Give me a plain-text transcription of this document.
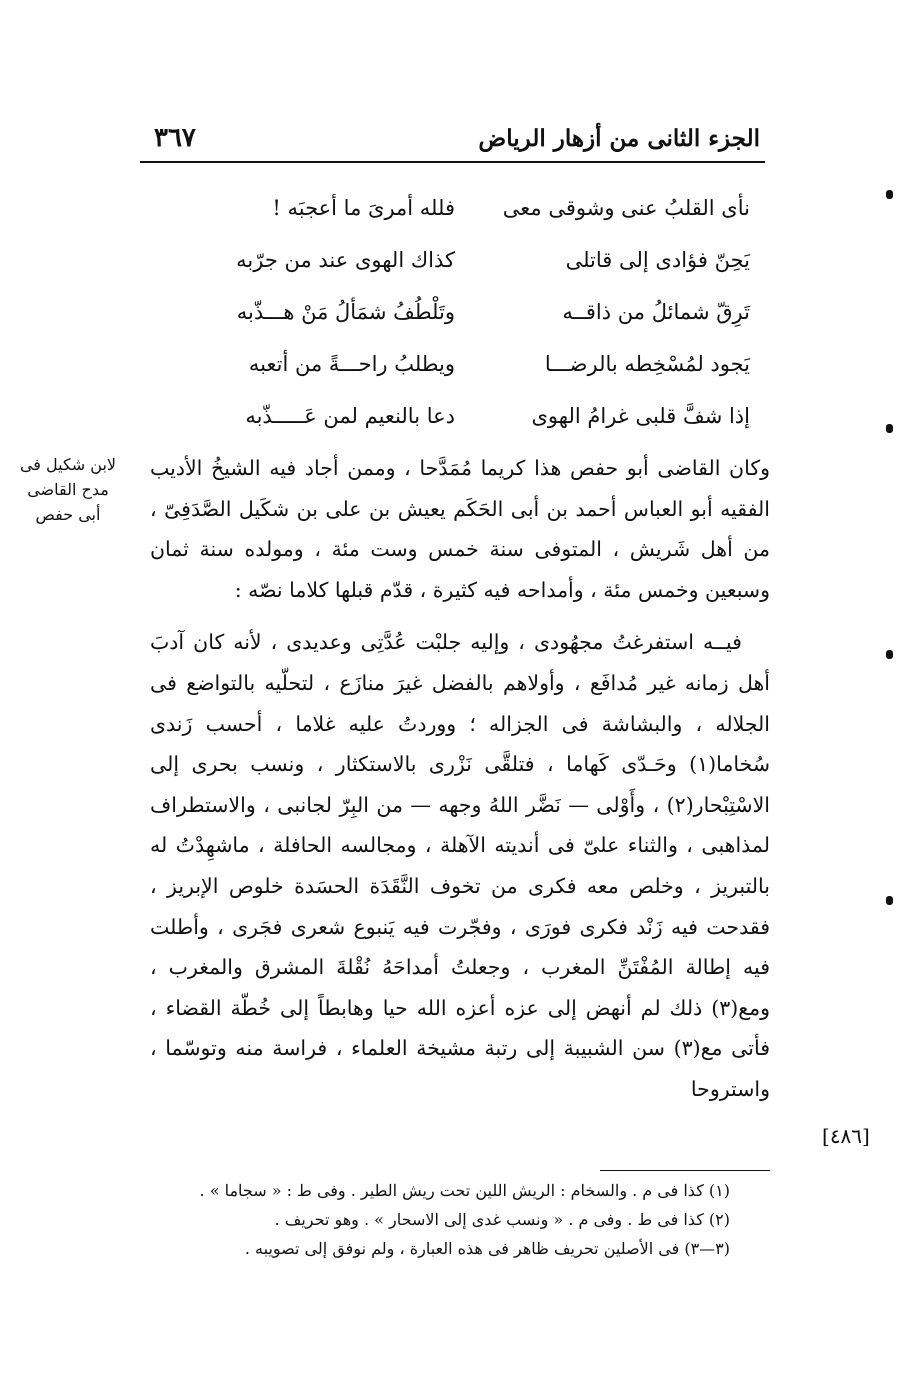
الجزء الثانى من أزهار الرياض
٣٦٧
نأى القلبُ عنى وشوقى معى
فلله أمرىَ ما أعجبَه !
يَحِنّ فؤادى إلى قاتلى
كذاك الهوى عند من جرّبه
تَرِقّ شمائلُ من ذاقــه
وتَلْطُفُ شمَألُ مَنْ هـــذّبه
يَجود لمُسْخِطه بالرضـــا
ويطلبُ راحـــةً من أتعبه
إذا شفَّ قلبى غرامُ الهوى
دعا بالنعيم لمن عَـــــذّبه
لابن شكيل فى
مدح القاضى
أبى حفص

وكان القاضى أبو حفص هذا كريما مُمَدَّحا ، وممن أجاد فيه الشيخُ الأديب الفقيه أبو العباس أحمد بن أبى الحَكَم يعيش بن على بن شكَيل الصَّدَفِىّ ، من أهل شَريش ، المتوفى سنة خمس وست مئة ، ومولده سنة ثمان وسبعين وخمس مئة ، وأمداحه فيه كثيرة ، قدّم قبلها كلاما نصّه :

فيــه استفرغتُ مجهُودى ، وإليه جلبْت عُدَّتِى وعديدى ، لأنه كان آدبَ أهل زمانه غير مُدافَع ، وأولاهم بالفضل غيرَ منازَع ، لتحلّيه بالتواضع فى الجلاله ، والبشاشة فى الجزاله ؛ ووردتُ عليه غلاما ، أحسب زَندى سُخاما(١) وحَـدّى كَهاما ، فتلقَّى نَزْرى بالاستكثار ، ونسب بحرى إلى الاسْتِبْحار(٢) ، وأَوْلى — نَضَّر اللهُ وجهه — من البِرّ لجانبى ، والاستطراف لمذاهبى ، والثناء علىّ فى أنديته الآهلة ، ومجالسه الحافلة ، ماشهِدْتُ له بالتبريز ، وخلص معه فكرى من تخوف النَّقَدَة الحسَدة خلوص الإبريز ، فقدحت فيه زَنْد فكرى فورَى ، وفجّرت فيه يَنبوع شعرى فجَرى ، وأطلت فيه إطالة المُفْتَنِّ المغرب ، وجعلتُ أمداحَهُ نُقْلةَ المشرق والمغرب ، ومع(٣) ذلك لم أنهض إلى عزه أعزه الله حيا وهابطاً إلى خُطّة القضاء ، فأتى مع(٣) سن الشبيبة إلى رتبة مشيخة العلماء ، فراسة منه وتوسّما ، واستروحا

[٤٨٦]
(١) كذا فى م . والسخام : الريش اللين تحت ريش الطير . وفى ط : « سجاما » .
(٢) كذا فى ط . وفى م . « ونسب غدى إلى الاسحار » . وهو تحريف .
(٣—٣) فى الأصلين تحريف ظاهر فى هذه العبارة ، ولم نوفق إلى تصويبه .
